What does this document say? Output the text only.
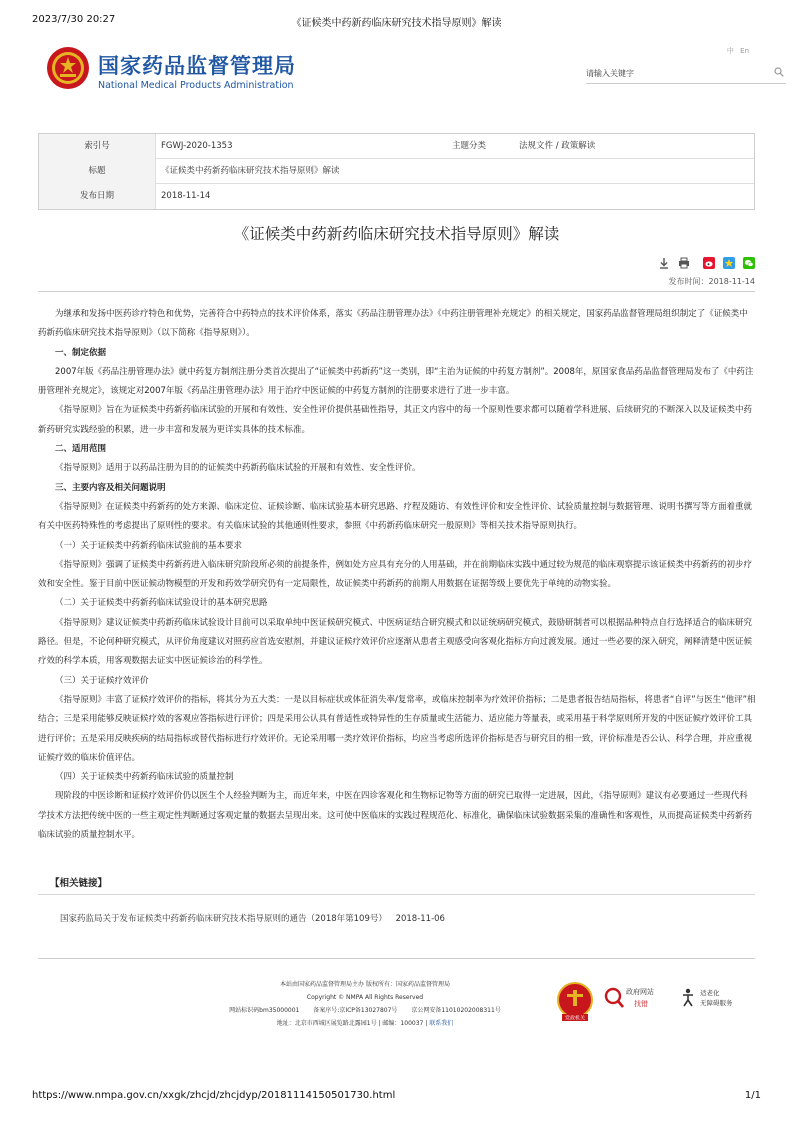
2023/7/30 20:27	《证候类中药新药临床研究技术指导原则》解读
国家药品监督管理局
National Medical Products Administration
中 En
请输入关键字
索引号	FGWJ-2020-1353	主题分类	法规文件 / 政策解读
标题	《证候类中药新药临床研究技术指导原则》解读
发布日期	2018-11-14
《证候类中药新药临床研究技术指导原则》解读

发布时间：2018-11-14

为继承和发扬中医药诊疗特色和优势，完善符合中药特点的技术评价体系，落实《药品注册管理办法》《中药注册管理补充规定》的相关规定，国家药品监督管理局组织制定了《证候类中药新药临床研究技术指导原则》（以下简称《指导原则》）。

一、制定依据

2007年版《药品注册管理办法》就中药复方制剂注册分类首次提出了“证候类中药新药”这一类别，即“主治为证候的中药复方制剂”。2008年，原国家食品药品监督管理局发布了《中药注册管理补充规定》，该规定对2007年版《药品注册管理办法》用于治疗中医证候的中药复方制剂的注册要求进行了进一步丰富。

《指导原则》旨在为证候类中药新药临床试验的开展和有效性、安全性评价提供基础性指导，其正文内容中的每一个原则性要求都可以随着学科进展、后续研究的不断深入以及证候类中药新药研究实践经验的积累，进一步丰富和发展为更详实具体的技术标准。

二、适用范围

《指导原则》适用于以药品注册为目的的证候类中药新药临床试验的开展和有效性、安全性评价。

三、主要内容及相关问题说明

《指导原则》在证候类中药新药的处方来源、临床定位、证候诊断、临床试验基本研究思路、疗程及随访、有效性评价和安全性评价、试验质量控制与数据管理、说明书撰写等方面着重就有关中医药特殊性的考虑提出了原则性的要求。有关临床试验的其他通则性要求，参照《中药新药临床研究一般原则》等相关技术指导原则执行。

（一）关于证候类中药新药临床试验前的基本要求

《指导原则》强调了证候类中药新药进入临床研究阶段所必须的前提条件，例如处方应具有充分的人用基础，并在前期临床实践中通过较为规范的临床观察提示该证候类中药新药的初步疗效和安全性。鉴于目前中医证候动物模型的开发和药效学研究仍有一定局限性，故证候类中药新药的前期人用数据在证据等级上要优先于单纯的动物实验。

（二）关于证候类中药新药临床试验设计的基本研究思路

《指导原则》建议证候类中药新药临床试验设计目前可以采取单纯中医证候研究模式、中医病证结合研究模式和以证统病研究模式，鼓励研制者可以根据品种特点自行选择适合的临床研究路径。但是，不论何种研究模式，从评价角度建议对照药应首选安慰剂，并建议证候疗效评价应逐渐从患者主观感受向客观化指标方向过渡发展。通过一些必要的深入研究，阐释清楚中医证候疗效的科学本质，用客观数据去证实中医证候诊治的科学性。

（三）关于证候疗效评价

《指导原则》丰富了证候疗效评价的指标，将其分为五大类：一是以目标症状或体征消失率/复常率，或临床控制率为疗效评价指标；二是患者报告结局指标，将患者“自评”与医生“他评”相结合；三是采用能够反映证候疗效的客观应答指标进行评价；四是采用公认具有普适性或特异性的生存质量或生活能力、适应能力等量表，或采用基于科学原则所开发的中医证候疗效评价工具进行评价；五是采用反映疾病的结局指标或替代指标进行疗效评价。无论采用哪一类疗效评价指标，均应当考虑所选评价指标是否与研究目的相一致，评价标准是否公认、科学合理，并应重视证候疗效的临床价值评估。

（四）关于证候类中药新药临床试验的质量控制

现阶段的中医诊断和证候疗效评价仍以医生个人经验判断为主，而近年来，中医在四诊客观化和生物标记物等方面的研究已取得一定进展，因此，《指导原则》建议有必要通过一些现代科学技术方法把传统中医的一些主观定性判断通过客观定量的数据去呈现出来。这可使中医临床的实践过程规范化、标准化，确保临床试验数据采集的准确性和客观性，从而提高证候类中药新药临床试验的质量控制水平。

【相关链接】
国家药监局关于发布证候类中药新药临床研究技术指导原则的通告（2018年第109号） 2018-11-06
本站由国家药品监督管理局主办 版权所有：国家药品监督管理局
Copyright © NMPA All Rights Reserved
网站标识码bm35000001 备案序号:京ICP备13027807号 京公网安备11010202008311号
地址：北京市西城区展览路北露园1号 | 邮编：100037 | 联系我们
党政机关
政府网站
找错
适老化
无障碍服务
https://www.nmpa.gov.cn/xxgk/zhcjd/zhcjdyp/20181114150501730.html	1/1
